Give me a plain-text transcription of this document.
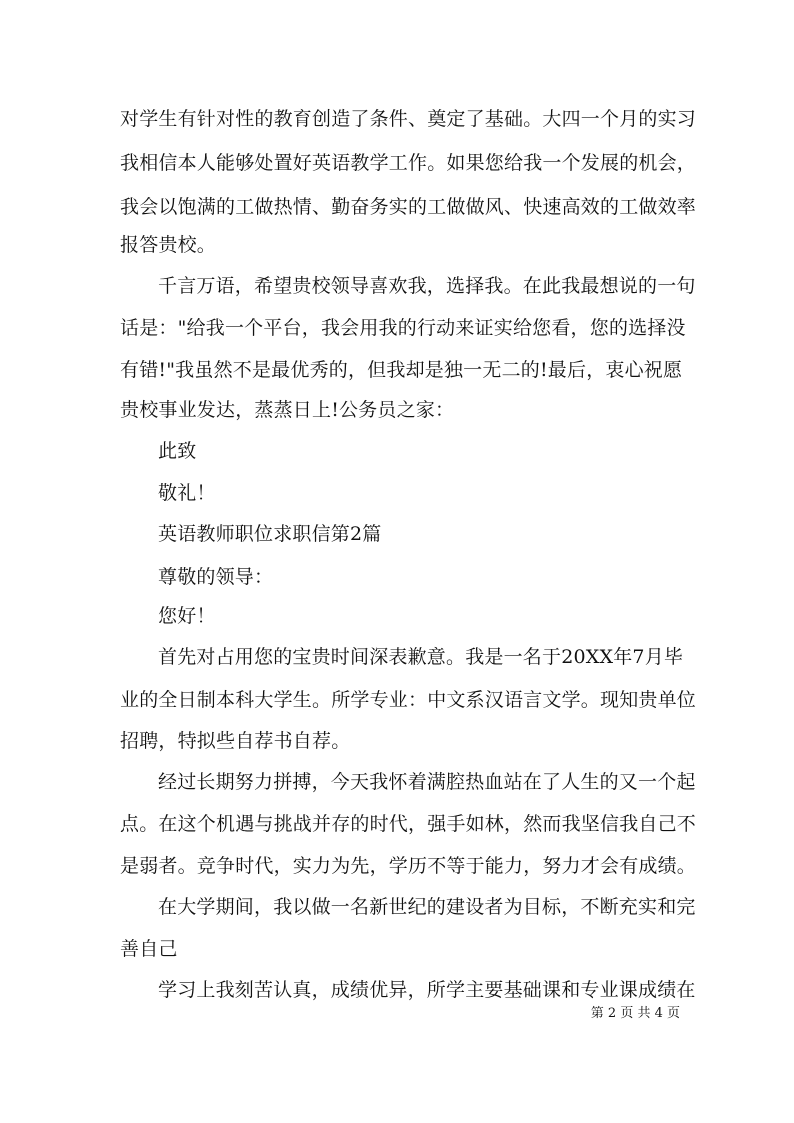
对学生有针对性的教育创造了条件、奠定了基础。大四一个月的实习
我相信本人能够处置好英语教学工作。如果您给我一个发展的机会，
我会以饱满的工做热情、勤奋务实的工做做风、快速高效的工做效率
报答贵校。
千言万语，希望贵校领导喜欢我，选择我。在此我最想说的一句
话是："给我一个平台，我会用我的行动来证实给您看，您的选择没
有错!"我虽然不是最优秀的，但我却是独一无二的!最后，衷心祝愿
贵校事业发达，蒸蒸日上!公务员之家：
此致
敬礼！
英语教师职位求职信第2篇
尊敬的领导：
您好！
首先对占用您的宝贵时间深表歉意。我是一名于20XX年7月毕
业的全日制本科大学生。所学专业：中文系汉语言文学。现知贵单位
招聘，特拟些自荐书自荐。
经过长期努力拼搏，今天我怀着满腔热血站在了人生的又一个起
点。在这个机遇与挑战并存的时代，强手如林，然而我坚信我自己不
是弱者。竞争时代，实力为先，学历不等于能力，努力才会有成绩。
在大学期间，我以做一名新世纪的建设者为目标，不断充实和完
善自己
学习上我刻苦认真，成绩优异，所学主要基础课和专业课成绩在
第 2 页 共 4 页
